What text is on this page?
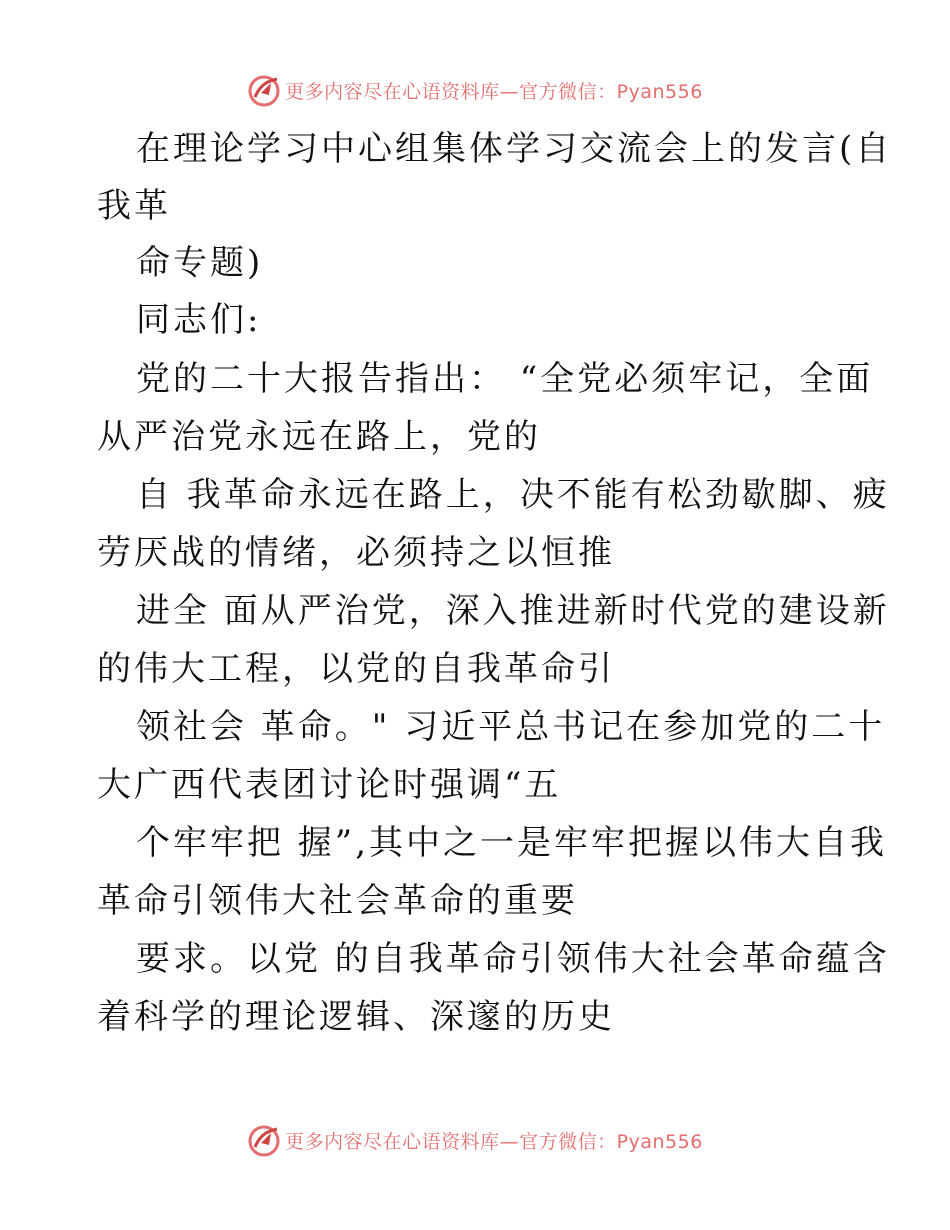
更多内容尽在心语资料库—官方微信：Pyan556
在理论学习中心组集体学习交流会上的发言(自
我革
命专题)
同志们:
党的二十大报告指出： “全党必须牢记，全面
从严治党永远在路上，党的
自 我革命永远在路上，决不能有松劲歇脚、疲
劳厌战的情绪，必须持之以恒推
进全 面从严治党，深入推进新时代党的建设新
的伟大工程，以党的自我革命引
领社会 革命。" 习近平总书记在参加党的二十
大广西代表团讨论时强调“五
个牢牢把 握”,其中之一是牢牢把握以伟大自我
革命引领伟大社会革命的重要
要求。以党 的自我革命引领伟大社会革命蕴含
着科学的理论逻辑、深邃的历史
更多内容尽在心语资料库—官方微信：Pyan556
